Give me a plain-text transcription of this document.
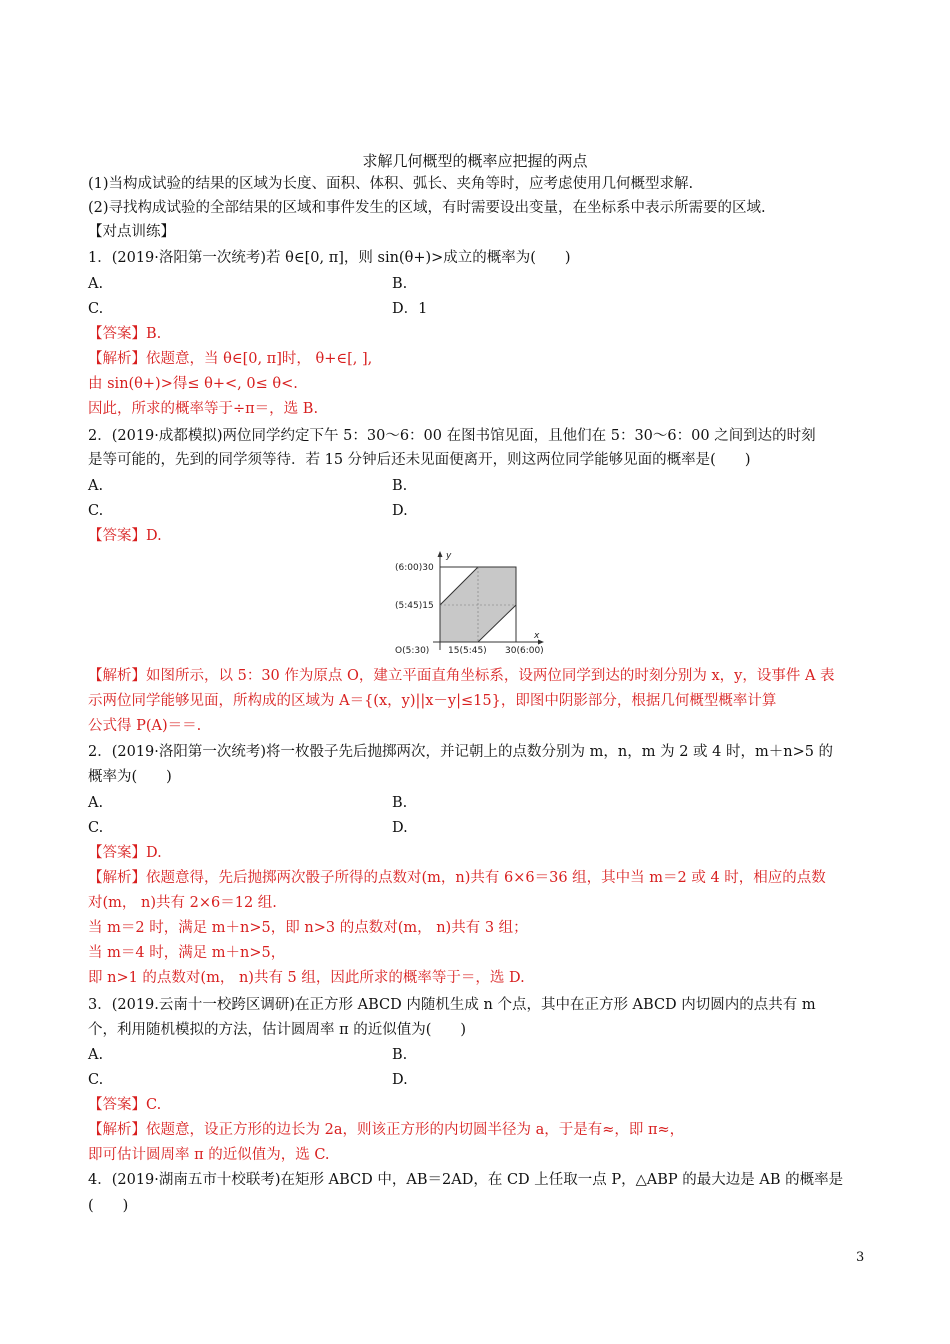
求解几何概型的概率应把握的两点
(1)当构成试验的结果的区域为长度、面积、体积、弧长、夹角等时，应考虑使用几何概型求解.
(2)寻找构成试验的全部结果的区域和事件发生的区域，有时需要设出变量，在坐标系中表示所需要的区域.
【对点训练】
1．(2019·洛阳第一次统考)若 θ∈[0, π]，则 sin(θ+)>成立的概率为(　　)
A.	B.
C.	D．1
【答案】B.
【解析】依题意，当 θ∈[0, π]时， θ+∈[, ],
由 sin(θ+)>得≤ θ+<, 0≤ θ<.
因此，所求的概率等于÷π＝，选 B.
2．(2019·成都模拟)两位同学约定下午 5：30～6：00 在图书馆见面，且他们在 5：30～6：00 之间到达的时刻
是等可能的，先到的同学须等待．若 15 分钟后还未见面便离开，则这两位同学能够见面的概率是(　　)
A.	B.
C.	D.
【答案】D.
y
x
(6:00)30
(5:45)15
O(5:30) 15(5:45) 30(6:00)
【解析】如图所示，以 5：30 作为原点 O，建立平面直角坐标系，设两位同学到达的时刻分别为 x，y，设事件 A 表
示两位同学能够见面，所构成的区域为 A＝{(x，y)||x－y|≤15}，即图中阴影部分，根据几何概型概率计算
公式得 P(A)＝＝.
2．(2019·洛阳第一次统考)将一枚骰子先后抛掷两次，并记朝上的点数分别为 m，n，m 为 2 或 4 时，m＋n>5 的
概率为(　　)
A.	B.
C.	D.
【答案】D.
【解析】依题意得，先后抛掷两次骰子所得的点数对(m，n)共有 6×6＝36 组，其中当 m＝2 或 4 时，相应的点数
对(m， n)共有 2×6＝12 组.
当 m＝2 时，满足 m＋n>5，即 n>3 的点数对(m， n)共有 3 组；
当 m＝4 时，满足 m＋n>5，
即 n>1 的点数对(m， n)共有 5 组，因此所求的概率等于＝，选 D.
3．(2019.云南十一校跨区调研)在正方形 ABCD 内随机生成 n 个点，其中在正方形 ABCD 内切圆内的点共有 m
个，利用随机模拟的方法，估计圆周率 π 的近似值为(　　)
A.	B.
C.	D.
【答案】C.
【解析】依题意，设正方形的边长为 2a，则该正方形的内切圆半径为 a，于是有≈，即 π≈，
即可估计圆周率 π 的近似值为，选 C.
4．(2019·湖南五市十校联考)在矩形 ABCD 中，AB＝2AD，在 CD 上任取一点 P，△ABP 的最大边是 AB 的概率是
(　　)
3
